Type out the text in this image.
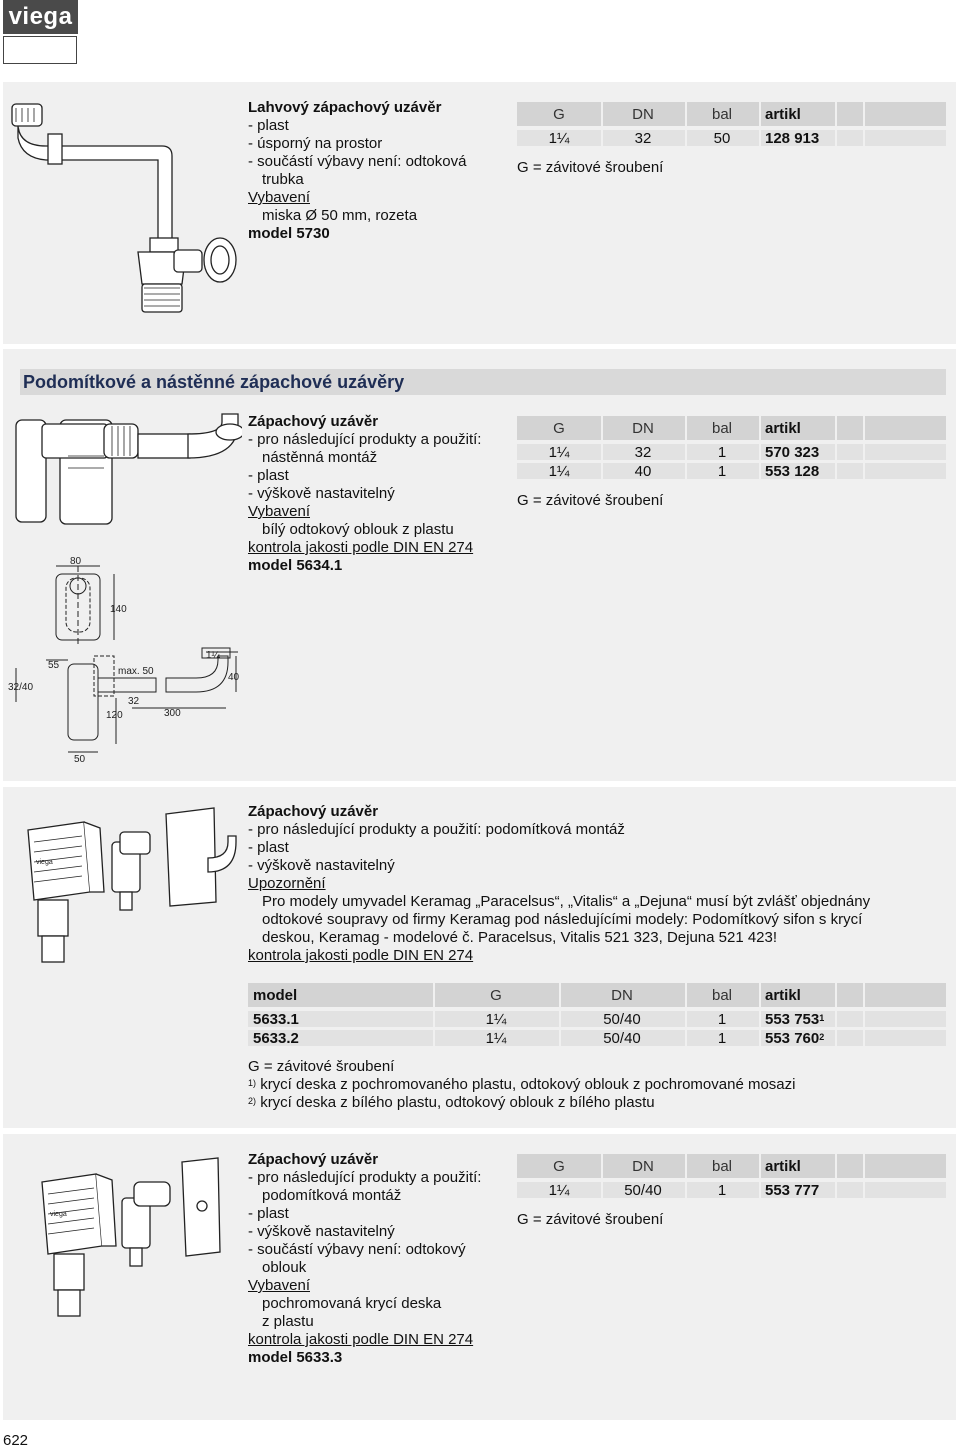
viega
Lahvový zápachový uzávěr
- plast
- úsporný na prostor
- součástí výbavy není: odtoková
trubka
Vybavení
miska Ø 50 mm, rozeta
model 5730
G	DN	bal	artikl
1¼	32	50	128 913
G = závitové šroubení
Podomítkové a nástěnné zápachové uzávěry
80
140
55
max. 50
32/40
120
32
300
1¼
40
50
Zápachový uzávěr
- pro následující produkty a použití:
nástěnná montáž
- plast
- výškově nastavitelný
Vybavení
bílý odtokový oblouk z plastu
kontrola jakosti podle DIN EN 274
model 5634.1
G	DN	bal	artikl
1¼	32	1	570 323
1¼	40	1	553 128
G = závitové šroubení
viega
Zápachový uzávěr
- pro následující produkty a použití: podomítková montáž
- plast
- výškově nastavitelný
Upozornění
Pro modely umyvadel Keramag „Paracelsus“, „Vitalis“ a „Dejuna“ musí být zvlášť objednány
odtokové soupravy od firmy Keramag pod následujícími modely: Podomítkový sifon s krycí
deskou, Keramag - modelové č. Paracelsus, Vitalis 521 323, Dejuna 521 423!
kontrola jakosti podle DIN EN 274
model	G	DN	bal	artikl
5633.1	1¼	50/40	1	553 $753^1$
5633.2	1¼	50/40	1	553 $760^2$
G = závitové šroubení
$^{1)}$ krycí deska z pochromovaného plastu, odtokový oblouk z pochromované mosazi
$^{2)}$ krycí deska z bílého plastu, odtokový oblouk z bílého plastu
viega
Zápachový uzávěr
- pro následující produkty a použití:
podomítková montáž
- plast
- výškově nastavitelný
- součástí výbavy není: odtokový
oblouk
Vybavení
pochromovaná krycí deska
z plastu
kontrola jakosti podle DIN EN 274
model 5633.3
G	DN	bal	artikl
1¼	50/40	1	553 777
G = závitové šroubení
622
